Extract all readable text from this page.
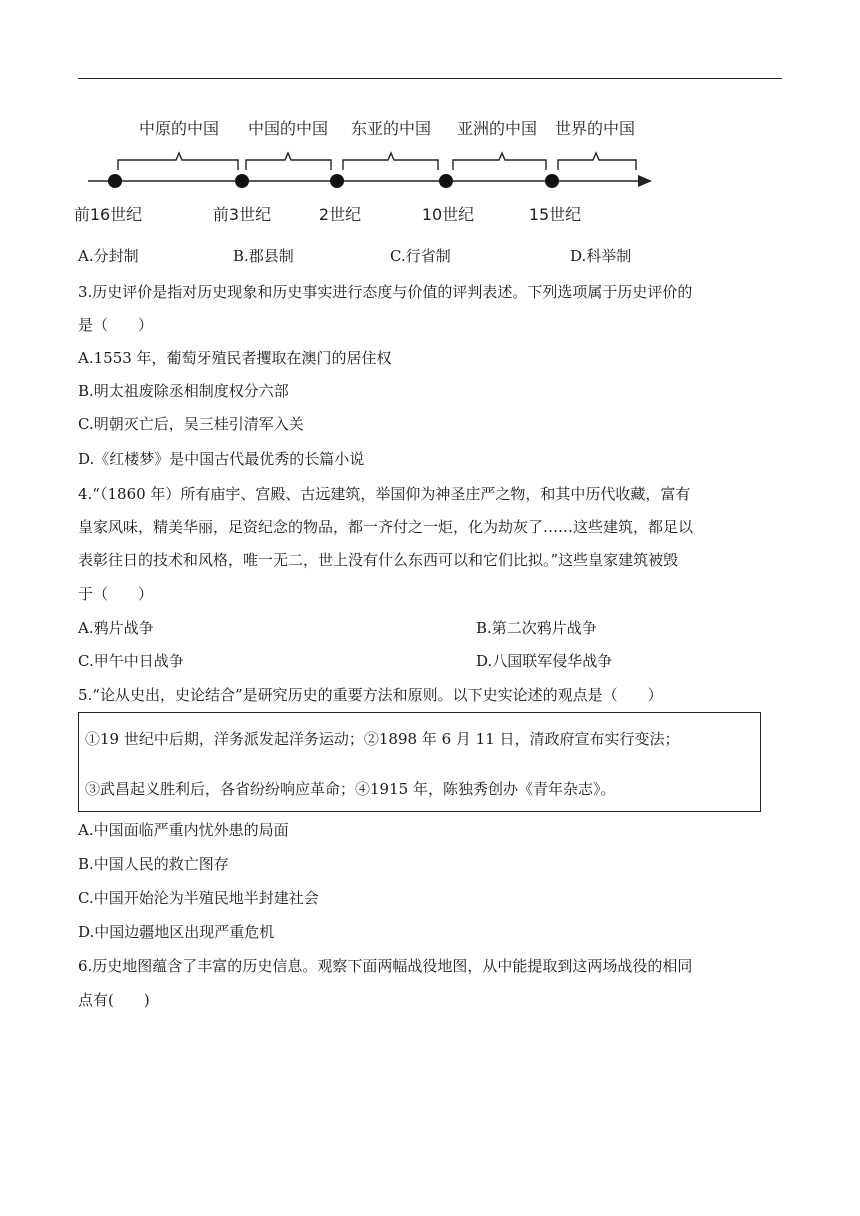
中原的中国 中国的中国 东亚的中国 亚洲的中国 世界的中国
前16世纪	前3世纪	2世纪	10世纪	15世纪
A.分封制	B.郡县制	C.行省制	D.科举制
3.历史评价是指对历史现象和历史事实进行态度与价值的评判表述。下列选项属于历史评价的
是（　　）
A.1553 年，葡萄牙殖民者攫取在澳门的居住权
B.明太祖废除丞相制度权分六部
C.明朝灭亡后，吴三桂引清军入关
D.《红楼梦》是中国古代最优秀的长篇小说
4.“（1860 年）所有庙宇、宫殿、古远建筑，举国仰为神圣庄严之物，和其中历代收藏，富有
皇家风味，精美华丽，足资纪念的物品，都一齐付之一炬，化为劫灰了……这些建筑，都足以
表彰往日的技术和风格，唯一无二，世上没有什么东西可以和它们比拟。”这些皇家建筑被毁
于（　　）
A.鸦片战争	B.第二次鸦片战争
C.甲午中日战争	D.八国联军侵华战争
5.“论从史出，史论结合”是研究历史的重要方法和原则。以下史实论述的观点是（　　）
①19 世纪中后期，洋务派发起洋务运动；②1898 年 6 月 11 日，清政府宣布实行变法；
③武昌起义胜利后，各省纷纷响应革命；④1915 年，陈独秀创办《青年杂志》。
A.中国面临严重内忧外患的局面
B.中国人民的救亡图存
C.中国开始沦为半殖民地半封建社会
D.中国边疆地区出现严重危机
6.历史地图蕴含了丰富的历史信息。观察下面两幅战役地图，从中能提取到这两场战役的相同
点有(　　)
